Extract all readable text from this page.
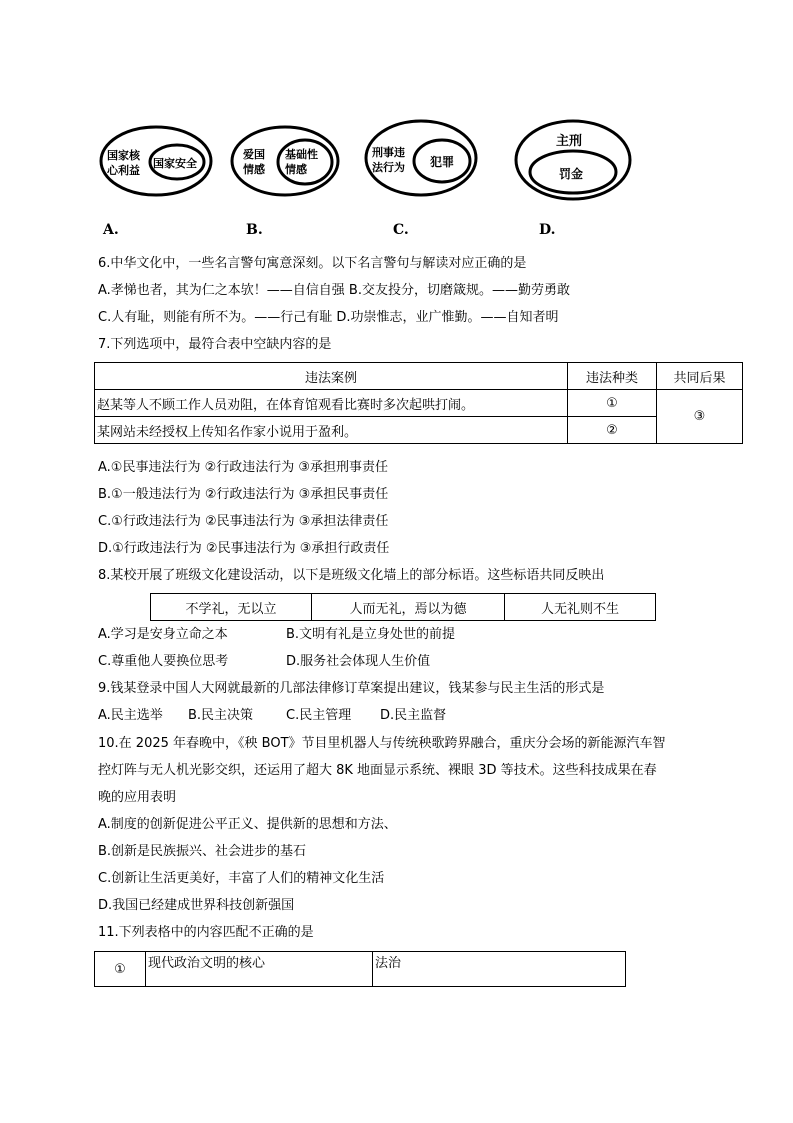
国家核
心利益
国家安全
爱国
情感
基础性
情感
刑事违
法行为 犯罪
主刑
罚金
A.	B.	C.	D.
6.中华文化中，一些名言警句寓意深刻。以下名言警句与解读对应正确的是
A.孝悌也者，其为仁之本欤！——自信自强 B.交友投分，切磨箴规。——勤劳勇敢
C.人有耻，则能有所不为。——行己有耻 D.功崇惟志，业广惟勤。——自知者明
7.下列选项中，最符合表中空缺内容的是
违法案例	违法种类	共同后果
赵某等人不顾工作人员劝阻，在体育馆观看比赛时多次起哄打闹。	①	③
某网站未经授权上传知名作家小说用于盈利。	②	
A.①民事违法行为 ②行政违法行为 ③承担刑事责任
B.①一般违法行为 ②行政违法行为 ③承担民事责任
C.①行政违法行为 ②民事违法行为 ③承担法律责任
D.①行政违法行为 ②民事违法行为 ③承担行政责任
8.某校开展了班级文化建设活动，以下是班级文化墙上的部分标语。这些标语共同反映出
不学礼，无以立	人而无礼，焉以为德	人无礼则不生
A.学习是安身立命之本	B.文明有礼是立身处世的前提
C.尊重他人要换位思考	D.服务社会体现人生价值
9.钱某登录中国人大网就最新的几部法律修订草案提出建议，钱某参与民主生活的形式是
A.民主选举 B.民主决策	C.民主管理 D.民主监督
10.在 2025 年春晚中，《秧 BOT》节目里机器人与传统秧歌跨界融合，重庆分会场的新能源汽车智
控灯阵与无人机光影交织，还运用了超大 8K 地面显示系统、裸眼 3D 等技术。这些科技成果在春
晚的应用表明
A.制度的创新促进公平正义、提供新的思想和方法、
B.创新是民族振兴、社会进步的基石
C.创新让生活更美好，丰富了人们的精神文化生活
D.我国已经建成世界科技创新强国
11.下列表格中的内容匹配不正确的是
①	现代政治文明的核心	法治
